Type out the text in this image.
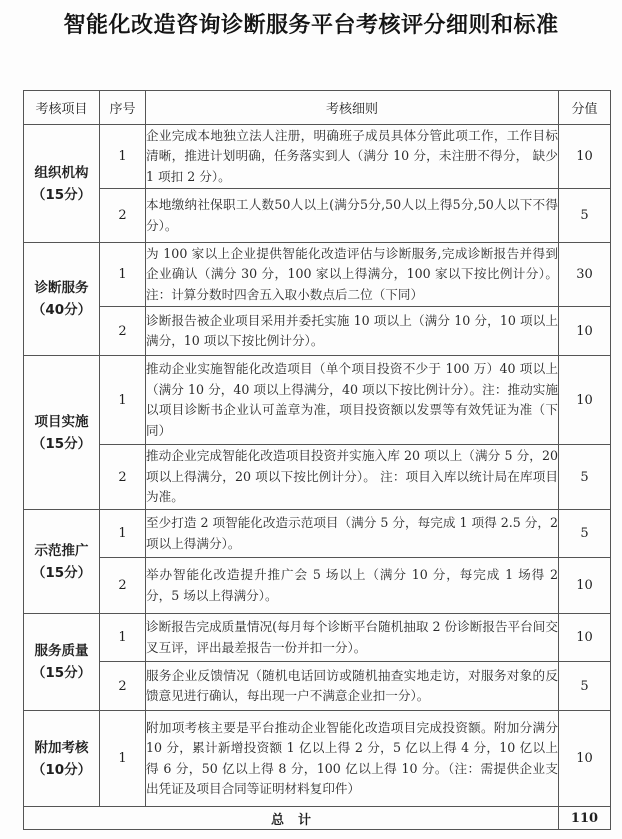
智能化改造咨询诊断服务平台考核评分细则和标准
考核项目	序号	考核细则	分值

组织机构
（15分）	1	企业完成本地独立法人注册，明确班子成员具体分管此项工作，工作目标清晰，推进计划明确，任务落实到人（满分 10 分，未注册不得分， 缺少 1 项扣 2 分）。	10
	2	本地缴纳社保职工人数50人以上(满分5分,50人以上得5分,50人以下不得分）。	5

诊断服务
（40分）	1	为 100 家以上企业提供智能化改造评估与诊断服务,完成诊断报告并得到企业确认（满分 30 分，100 家以上得满分，100 家以下按比例计分）。注：计算分数时四舍五入取小数点后二位（下同）	30
	2	诊断报告被企业项目采用并委托实施 10 项以上（满分 10 分，10 项以上满分，10 项以下按比例计分）。	10

项目实施
（15分）	1	推动企业实施智能化改造项目（单个项目投资不少于 100 万）40 项以上（满分 10 分，40 项以上得满分，40 项以下按比例计分）。注：推动实施以项目诊断书企业认可盖章为准，项目投资额以发票等有效凭证为准（下同）	10
	2	推动企业完成智能化改造项目投资并实施入库 20 项以上（满分 5 分，20 项以上得满分，20 项以下按比例计分）。 注：项目入库以统计局在库项目为准。	5

示范推广
（15分）	1	至少打造 2 项智能化改造示范项目（满分 5 分，每完成 1 项得 2.5 分，2 项以上得满分）。	5
	2	举办智能化改造提升推广会 5 场以上（满分 10 分，每完成 1 场得 2 分，5 场以上得满分）。	10

服务质量
（15分）	1	诊断报告完成质量情况(每月每个诊断平台随机抽取 2 份诊断报告平台间交叉互评，评出最差报告一份并扣一分）。	10
	2	服务企业反馈情况（随机电话回访或随机抽查实地走访，对服务对象的反馈意见进行确认，每出现一户不满意企业扣一分）。	5

附加考核
（10分）	1	附加项考核主要是平台推动企业智能化改造项目完成投资额。附加分满分 10 分，累计新增投资额 1 亿以上得 2 分，5 亿以上得 4 分，10 亿以上得 6 分，50 亿以上得 8 分，100 亿以上得 10 分。（注：需提供企业支出凭证及项目合同等证明材料复印件）	10
总计			110
